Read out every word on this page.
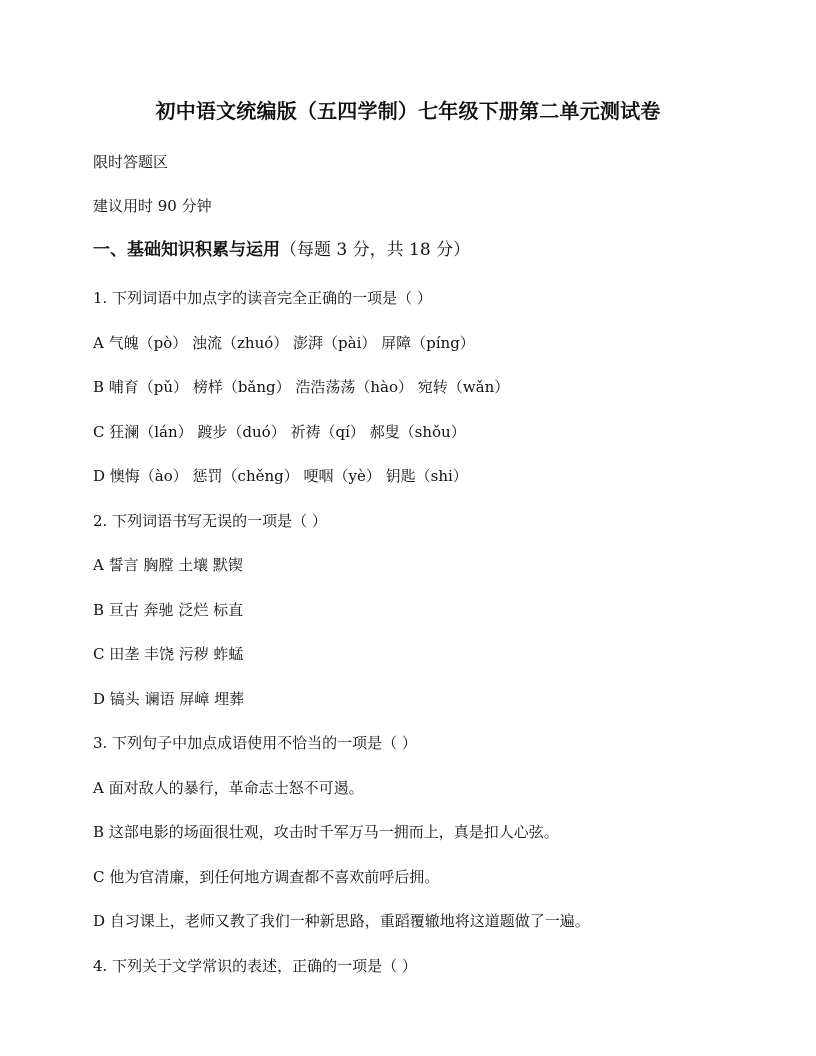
初中语文统编版（五四学制）七年级下册第二单元测试卷
限时答题区
建议用时 90 分钟
一、基础知识积累与运用（每题 3 分，共 18 分）
1. 下列词语中加点字的读音完全正确的一项是（ ）
A 气魄（pò） 浊流（zhuó） 澎湃（pài） 屏障（píng）
B 哺育（pǔ） 榜样（bǎng） 浩浩荡荡（hào） 宛转（wǎn）
C 狂澜（lán） 踱步（duó） 祈祷（qí） 郝叟（shǒu）
D 懊悔（ào） 惩罚（chěng） 哽咽（yè） 钥匙（shi）
2. 下列词语书写无误的一项是（ ）
A 誓言 胸膛 土壤 默锲
B 亘古 奔驰 泛烂 标直
C 田垄 丰饶 污秽 蚱蜢
D 镐头 谰语 屏嶂 埋葬
3. 下列句子中加点成语使用不恰当的一项是（ ）
A 面对敌人的暴行，革命志士怒不可遏。
B 这部电影的场面很壮观，攻击时千军万马一拥而上，真是扣人心弦。
C 他为官清廉，到任何地方调查都不喜欢前呼后拥。
D 自习课上，老师又教了我们一种新思路，重蹈覆辙地将这道题做了一遍。
4. 下列关于文学常识的表述，正确的一项是（ ）
